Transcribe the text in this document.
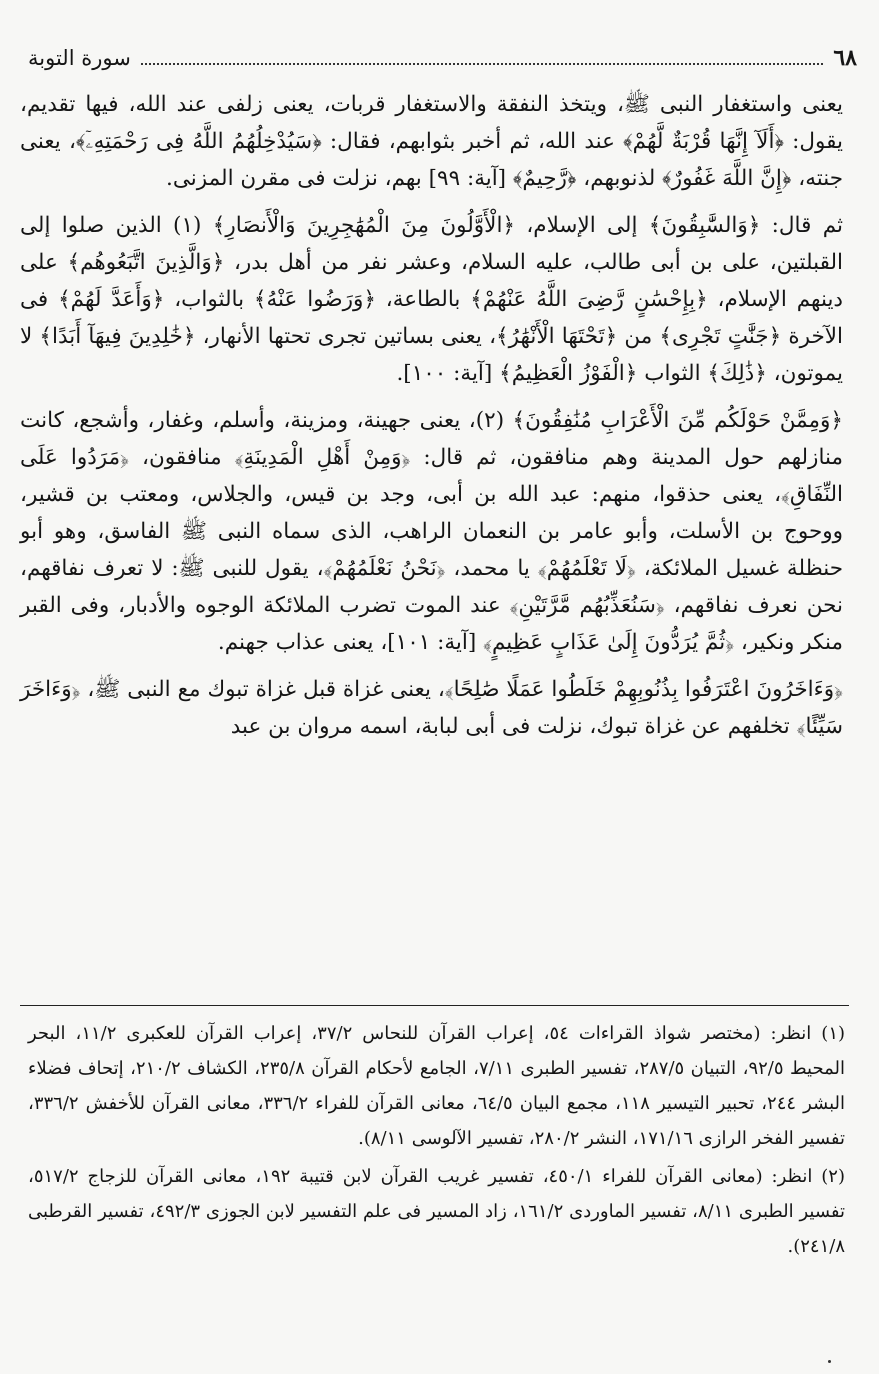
٦٨
سورة التوبة

يعنى واستغفار النبى ﷺ، ويتخذ النفقة والاستغفار قربات، يعنى زلفى عند الله، فيها تقديم، يقول: ﴿أَلَآ إِنَّهَا قُرْبَةٌ لَّهُمْ﴾ عند الله، ثم أخبر بثوابهم، فقال: ﴿سَيُدْخِلُهُمُ اللَّهُ فِى رَحْمَتِهِۦٓ﴾، يعنى جنته، ﴿إِنَّ اللَّهَ غَفُورٌ﴾ لذنوبهم، ﴿رَّحِيمٌ﴾ [آية: ٩٩] بهم، نزلت فى مقرن المزنى.

ثم قال: ﴿وَالسَّٰبِقُونَ﴾ إلى الإسلام، ﴿الْأَوَّلُونَ مِنَ الْمُهَٰجِرِينَ وَالْأَنصَارِ﴾ (١) الذين صلوا إلى القبلتين، على بن أبى طالب، عليه السلام، وعشر نفر من أهل بدر، ﴿وَالَّذِينَ اتَّبَعُوهُم﴾ على دينهم الإسلام، ﴿بِإِحْسَٰنٍ رَّضِىَ اللَّهُ عَنْهُمْ﴾ بالطاعة، ﴿وَرَضُوا عَنْهُ﴾ بالثواب، ﴿وَأَعَدَّ لَهُمْ﴾ فى الآخرة ﴿جَنَّٰتٍ تَجْرِى﴾ من ﴿تَحْتَهَا الْأَنْهَٰرُ﴾، يعنى بساتين تجرى تحتها الأنهار، ﴿خَٰلِدِينَ فِيهَآ أَبَدًا﴾ لا يموتون، ﴿ذَٰلِكَ﴾ الثواب ﴿الْفَوْزُ الْعَظِيمُ﴾ [آية: ١٠٠].

﴿وَمِمَّنْ حَوْلَكُم مِّنَ الْأَعْرَابِ مُنَٰفِقُونَ﴾ (٢)، يعنى جهينة، ومزينة، وأسلم، وغفار، وأشجع، كانت منازلهم حول المدينة وهم منافقون، ثم قال: ﴿وَمِنْ أَهْلِ الْمَدِينَةِ﴾ منافقون، ﴿مَرَدُوا عَلَى النِّفَاقِ﴾، يعنى حذقوا، منهم: عبد الله بن أبى، وجد بن قيس، والجلاس، ومعتب بن قشير، ووحوج بن الأسلت، وأبو عامر بن النعمان الراهب، الذى سماه النبى ﷺ الفاسق، وهو أبو حنظلة غسيل الملائكة، ﴿لَا تَعْلَمُهُمْ﴾ يا محمد، ﴿نَحْنُ نَعْلَمُهُمْ﴾، يقول للنبى ﷺ: لا تعرف نفاقهم، نحن نعرف نفاقهم، ﴿سَنُعَذِّبُهُم مَّرَّتَيْنِ﴾ عند الموت تضرب الملائكة الوجوه والأدبار، وفى القبر منكر ونكير، ﴿ثُمَّ يُرَدُّونَ إِلَىٰ عَذَابٍ عَظِيمٍ﴾ [آية: ١٠١]، يعنى عذاب جهنم.

﴿وَءَاخَرُونَ اعْتَرَفُوا بِذُنُوبِهِمْ خَلَطُوا عَمَلًا صَٰلِحًا﴾، يعنى غزاة قبل غزاة تبوك مع النبى ﷺ، ﴿وَءَاخَرَ سَيِّئًا﴾ تخلفهم عن غزاة تبوك، نزلت فى أبى لبابة، اسمه مروان بن عبد

(١) انظر: (مختصر شواذ القراءات ٥٤، إعراب القرآن للنحاس ٣٧/٢، إعراب القرآن للعكبرى ١١/٢، البحر المحيط ٩٢/٥، التبيان ٢٨٧/٥، تفسير الطبرى ٧/١١، الجامع لأحكام القرآن ٢٣٥/٨، الكشاف ٢١٠/٢، إتحاف فضلاء البشر ٢٤٤، تحبير التيسير ١١٨، مجمع البيان ٦٤/٥، معانى القرآن للفراء ٣٣٦/٢، معانى القرآن للأخفش ٣٣٦/٢، تفسير الفخر الرازى ١٧١/١٦، النشر ٢٨٠/٢، تفسير الآلوسى ٨/١١).

(٢) انظر: (معانى القرآن للفراء ٤٥٠/١، تفسير غريب القرآن لابن قتيبة ١٩٢، معانى القرآن للزجاج ٥١٧/٢، تفسير الطبرى ٨/١١، تفسير الماوردى ١٦١/٢، زاد المسير فى علم التفسير لابن الجوزى ٤٩٢/٣، تفسير القرطبى ٢٤١/٨).
